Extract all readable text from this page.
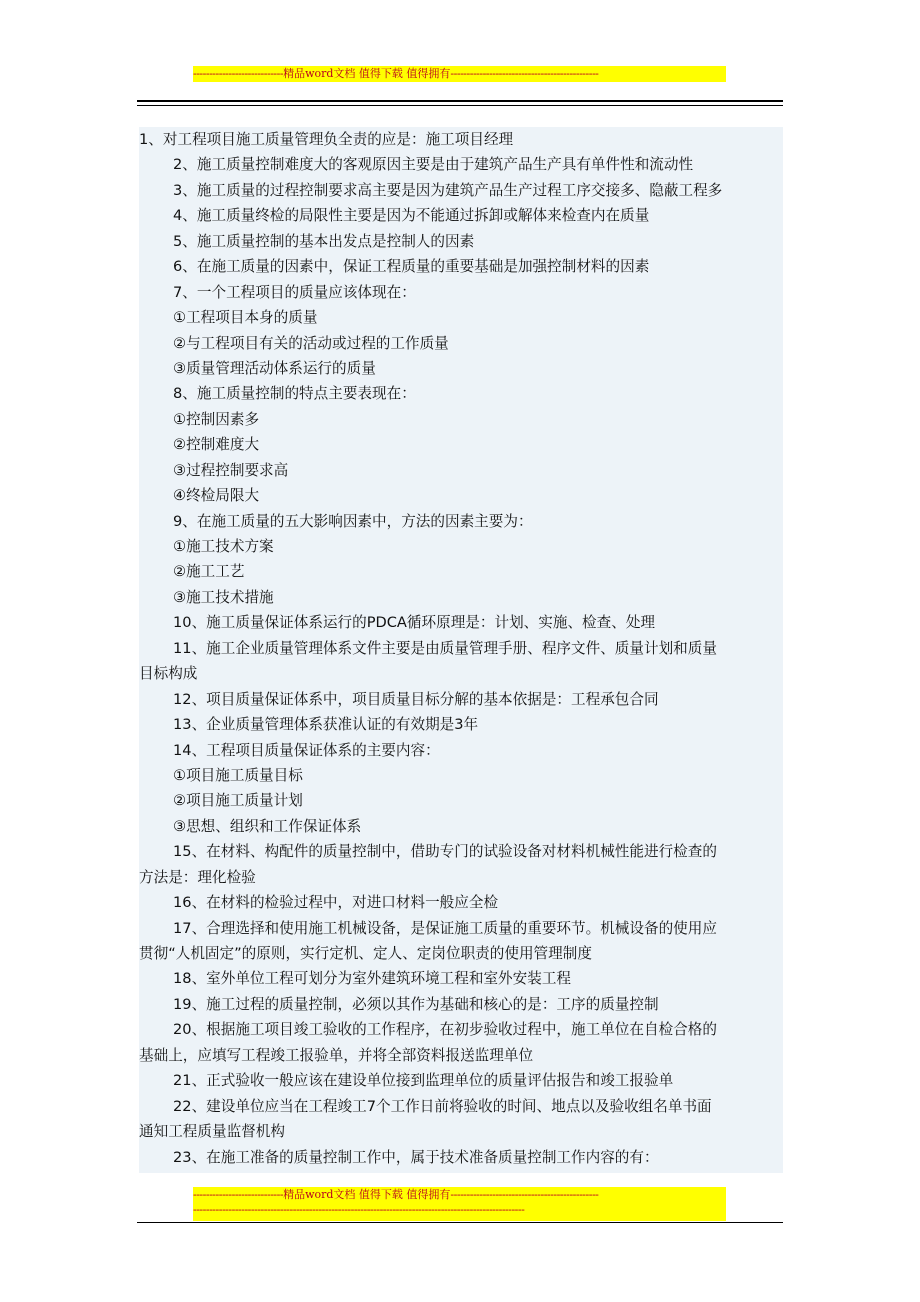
----------------------------精品word文档 值得下载 值得拥有----------------------------------------------
1、对工程项目施工质量管理负全责的应是：施工项目经理
2、施工质量控制难度大的客观原因主要是由于建筑产品生产具有单件性和流动性
3、施工质量的过程控制要求高主要是因为建筑产品生产过程工序交接多、隐蔽工程多
4、施工质量终检的局限性主要是因为不能通过拆卸或解体来检查内在质量
5、施工质量控制的基本出发点是控制人的因素
6、在施工质量的因素中，保证工程质量的重要基础是加强控制材料的因素
7、一个工程项目的质量应该体现在：
①工程项目本身的质量
②与工程项目有关的活动或过程的工作质量
③质量管理活动体系运行的质量
8、施工质量控制的特点主要表现在：
①控制因素多
②控制难度大
③过程控制要求高
④终检局限大
9、在施工质量的五大影响因素中，方法的因素主要为：
①施工技术方案
②施工工艺
③施工技术措施
10、施工质量保证体系运行的PDCA循环原理是：计划、实施、检查、处理
11、施工企业质量管理体系文件主要是由质量管理手册、程序文件、质量计划和质量
目标构成
12、项目质量保证体系中，项目质量目标分解的基本依据是：工程承包合同
13、企业质量管理体系获准认证的有效期是3年
14、工程项目质量保证体系的主要内容：
①项目施工质量目标
②项目施工质量计划
③思想、组织和工作保证体系
15、在材料、构配件的质量控制中，借助专门的试验设备对材料机械性能进行检查的
方法是：理化检验
16、在材料的检验过程中，对进口材料一般应全检
17、合理选择和使用施工机械设备，是保证施工质量的重要环节。机械设备的使用应
贯彻“人机固定”的原则，实行定机、定人、定岗位职责的使用管理制度
18、室外单位工程可划分为室外建筑环境工程和室外安装工程
19、施工过程的质量控制，必须以其作为基础和核心的是：工序的质量控制
20、根据施工项目竣工验收的工作程序，在初步验收过程中，施工单位在自检合格的
基础上，应填写工程竣工报验单，并将全部资料报送监理单位
21、正式验收一般应该在建设单位接到监理单位的质量评估报告和竣工报验单
22、建设单位应当在工程竣工7个工作日前将验收的时间、地点以及验收组名单书面
通知工程质量监督机构
23、在施工准备的质量控制工作中，属于技术准备质量控制工作内容的有：
----------------------------精品word文档 值得下载 值得拥有----------------------------------------------
-------------------------------------------------------------------------------------------------------
